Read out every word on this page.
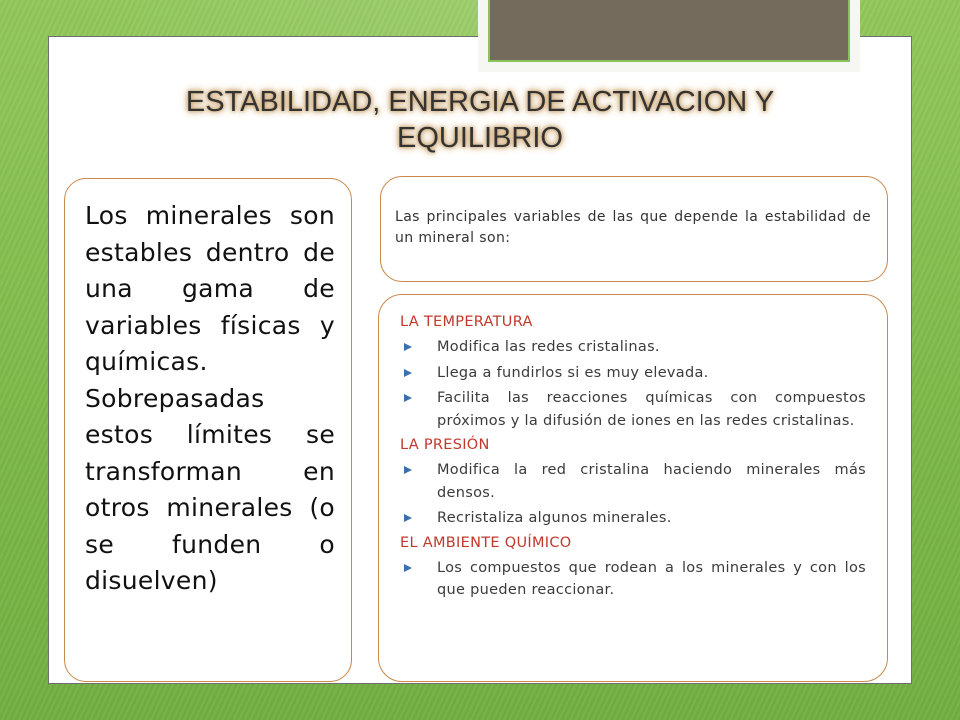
ESTABILIDAD, ENERGIA DE ACTIVACION Y
EQUILIBRIO

Los minerales son estables dentro de una gama de variables físicas y químicas. Sobrepasadas estos límites se transforman en otros minerales (o se funden o disuelven)

Las principales variables de las que depende la estabilidad de un mineral son:

LA TEMPERATURA
Modifica las redes cristalinas.
Llega a fundirlos si es muy elevada.
Facilita las reacciones químicas con compuestos próximos y la difusión de iones en las redes cristalinas.
LA PRESIÓN
Modifica la red cristalina haciendo minerales más densos.
Recristaliza algunos minerales.
EL AMBIENTE QUÍMICO
Los compuestos que rodean a los minerales y con los que pueden reaccionar.
